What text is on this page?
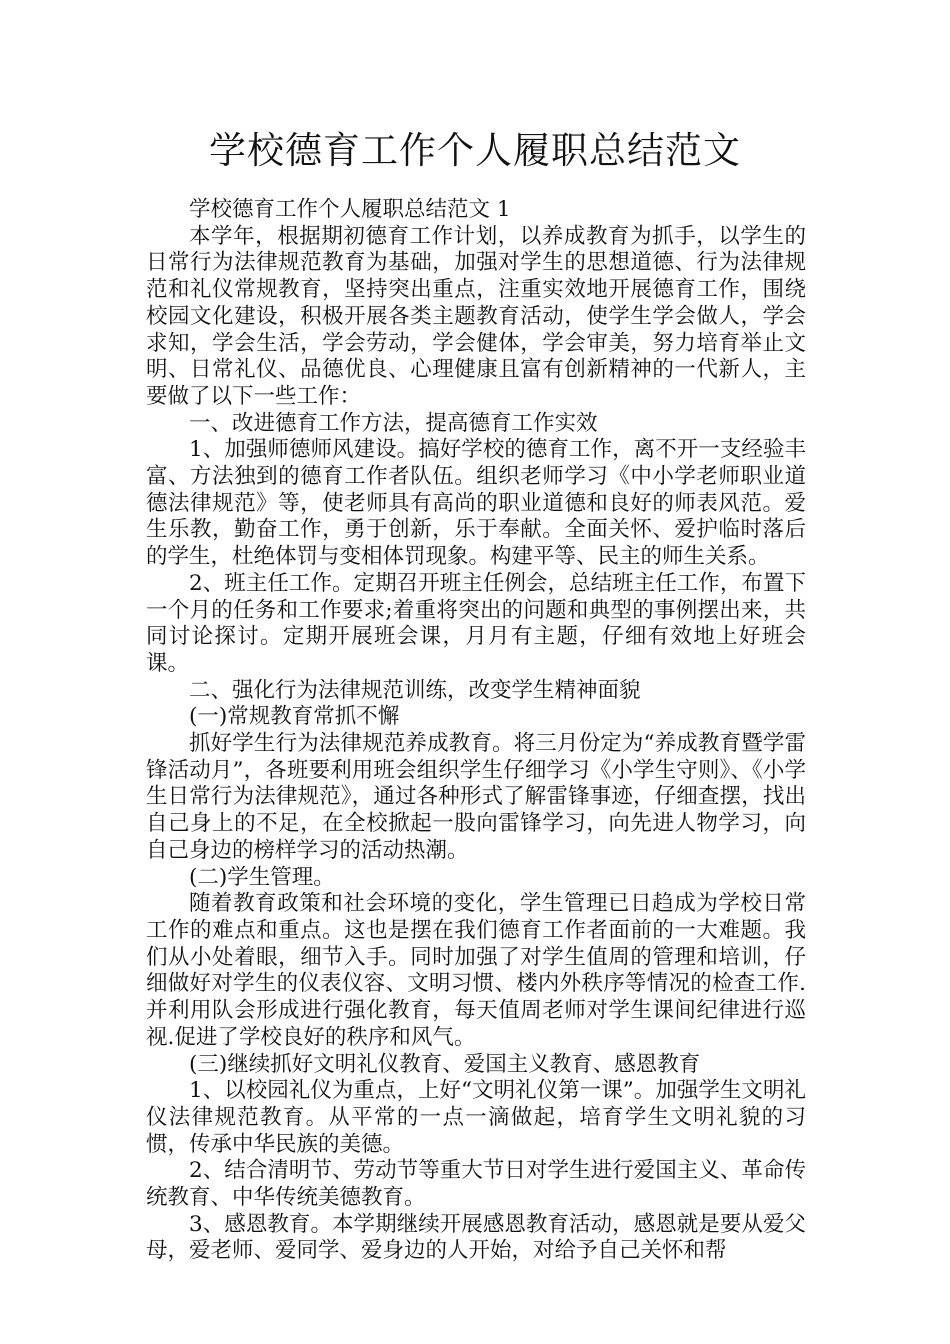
学校德育工作个人履职总结范文

学校德育工作个人履职总结范文 1

本学年，根据期初德育工作计划，以养成教育为抓手，以学生的日常行为法律规范教育为基础，加强对学生的思想道德、行为法律规范和礼仪常规教育，坚持突出重点，注重实效地开展德育工作，围绕校园文化建设，积极开展各类主题教育活动，使学生学会做人，学会求知，学会生活，学会劳动，学会健体，学会审美，努力培育举止文明、日常礼仪、品德优良、心理健康且富有创新精神的一代新人，主要做了以下一些工作：

一、改进德育工作方法，提高德育工作实效

1、加强师德师风建设。搞好学校的德育工作，离不开一支经验丰富、方法独到的德育工作者队伍。组织老师学习《中小学老师职业道德法律规范》等，使老师具有高尚的职业道德和良好的师表风范。爱生乐教，勤奋工作，勇于创新，乐于奉献。全面关怀、爱护临时落后的学生，杜绝体罚与变相体罚现象。构建平等、民主的师生关系。

2、班主任工作。定期召开班主任例会，总结班主任工作，布置下一个月的任务和工作要求;着重将突出的问题和典型的事例摆出来，共同讨论探讨。定期开展班会课，月月有主题，仔细有效地上好班会课。

二、强化行为法律规范训练，改变学生精神面貌

(一)常规教育常抓不懈

抓好学生行为法律规范养成教育。将三月份定为“养成教育暨学雷锋活动月”，各班要利用班会组织学生仔细学习《小学生守则》、《小学生日常行为法律规范》，通过各种形式了解雷锋事迹，仔细查摆，找出自己身上的不足，在全校掀起一股向雷锋学习，向先进人物学习，向自己身边的榜样学习的活动热潮。

(二)学生管理。

随着教育政策和社会环境的变化，学生管理已日趋成为学校日常工作的难点和重点。这也是摆在我们德育工作者面前的一大难题。我们从小处着眼，细节入手。同时加强了对学生值周的管理和培训，仔细做好对学生的仪表仪容、文明习惯、楼内外秩序等情况的检查工作.并利用队会形成进行强化教育，每天值周老师对学生课间纪律进行巡视.促进了学校良好的秩序和风气。

(三)继续抓好文明礼仪教育、爱国主义教育、感恩教育

1、以校园礼仪为重点，上好“文明礼仪第一课”。加强学生文明礼仪法律规范教育。从平常的一点一滴做起，培育学生文明礼貌的习惯，传承中华民族的美德。

2、结合清明节、劳动节等重大节日对学生进行爱国主义、革命传统教育、中华传统美德教育。

3、感恩教育。本学期继续开展感恩教育活动，感恩就是要从爱父母，爱老师、爱同学、爱身边的人开始，对给予自己关怀和帮
